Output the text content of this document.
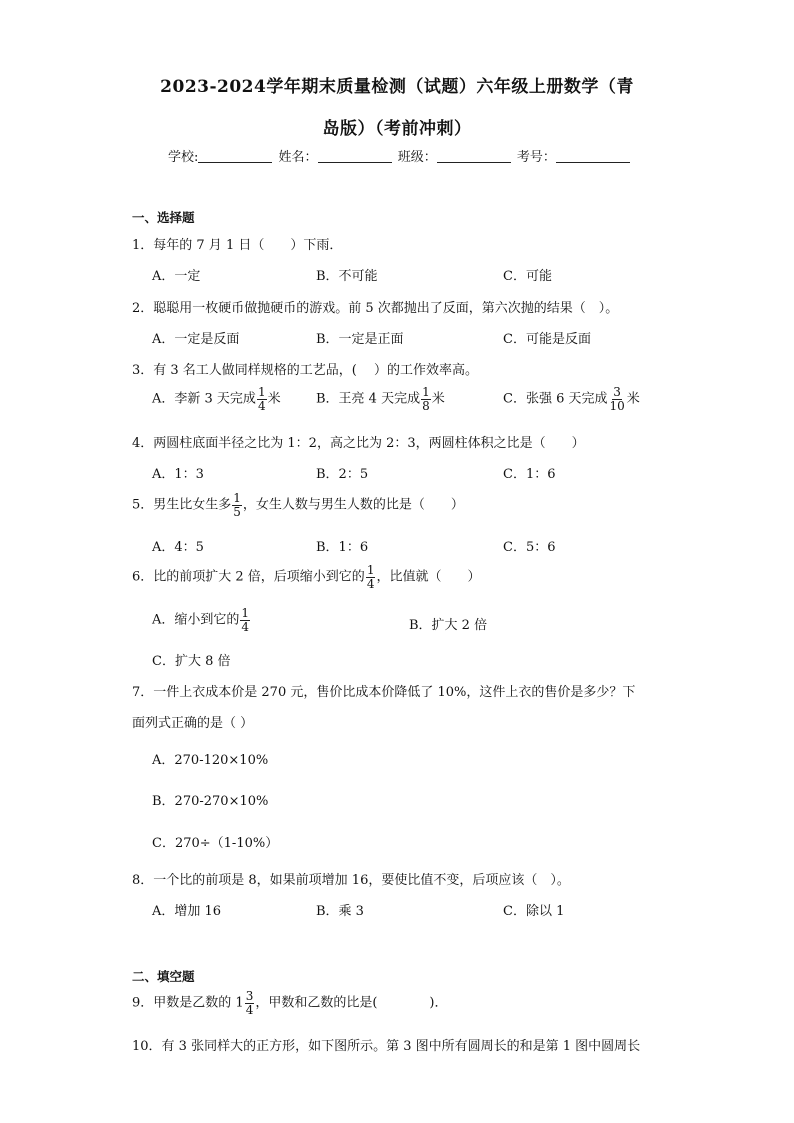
2023-2024学年期末质量检测（试题）六年级上册数学（青
岛版）（考前冲刺）
学校:	姓名：	班级：	考号：
一、选择题
1．每年的 7 月 1 日（　　）下雨．
A．一定	B．不可能	C．可能
2．聪聪用一枚硬币做抛硬币的游戏。前 5 次都抛出了反面，第六次抛的结果（　）。
A．一定是反面	B．一定是正面	C．可能是反面
3．有 3 名工人做同样规格的工艺品，(　 ）的工作效率高。
A．李新 3 天完成 $\frac{1}{4}$ 米	B．王亮 4 天完成 $\frac{1}{8}$ 米	C．张强 6 天完成 $\frac{3}{10}$ 米
4．两圆柱底面半径之比为 1：2，高之比为 2：3，两圆柱体积之比是（　　）
A．1：3	B．2：5	C．1：6
5．男生比女生多 $\frac{1}{5}$ ，女生人数与男生人数的比是（　　）
A．4：5	B．1：6	C．5：6
6．比的前项扩大 2 倍，后项缩小到它的 $\frac{1}{4}$ ，比值就（　　）
A．缩小到它的 $\frac{1}{4}$	B．扩大 2 倍
C．扩大 8 倍
7．一件上衣成本价是 270 元，售价比成本价降低了 10%，这件上衣的售价是多少？下
面列式正确的是（ ）
A．270-120×10%
B．270-270×10%
C．270÷（1-10%）
8．一个比的前项是 8，如果前项增加 16，要使比值不变，后项应该（　）。
A．增加 16	B．乘 3	C．除以 1
二、填空题
9．甲数是乙数的 $1 \frac{3}{4}$ ，甲数和乙数的比是(　　　　)．
10．有 3 张同样大的正方形，如下图所示。第 3 图中所有圆周长的和是第 1 图中圆周长
